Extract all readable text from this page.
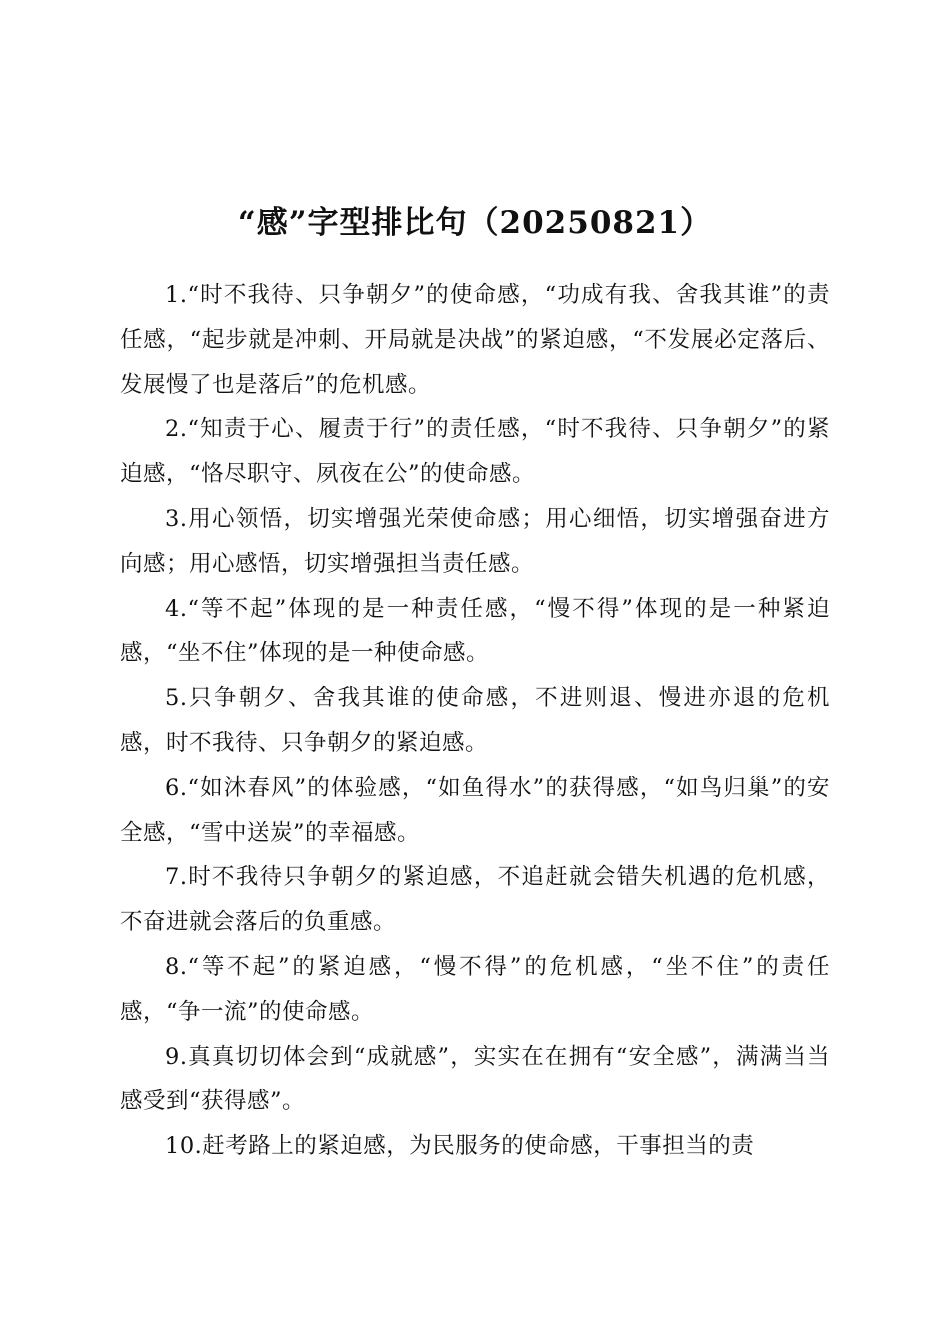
“感”字型排比句（20250821）

1.“时不我待、只争朝夕”的使命感，“功成有我、舍我其谁”的责任感，“起步就是冲刺、开局就是决战”的紧迫感，“不发展必定落后、发展慢了也是落后”的危机感。

2.“知责于心、履责于行”的责任感，“时不我待、只争朝夕”的紧迫感，“恪尽职守、夙夜在公”的使命感。

3.用心领悟，切实增强光荣使命感；用心细悟，切实增强奋进方向感；用心感悟，切实增强担当责任感。

4.“等不起”体现的是一种责任感，“慢不得”体现的是一种紧迫感，“坐不住”体现的是一种使命感。

5.只争朝夕、舍我其谁的使命感，不进则退、慢进亦退的危机感，时不我待、只争朝夕的紧迫感。

6.“如沐春风”的体验感，“如鱼得水”的获得感，“如鸟归巢”的安全感，“雪中送炭”的幸福感。

7.时不我待只争朝夕的紧迫感，不追赶就会错失机遇的危机感，不奋进就会落后的负重感。

8.“等不起”的紧迫感，“慢不得”的危机感，“坐不住”的责任感，“争一流”的使命感。

9.真真切切体会到“成就感”，实实在在拥有“安全感”，满满当当感受到“获得感”。

10.赶考路上的紧迫感，为民服务的使命感，干事担当的责
